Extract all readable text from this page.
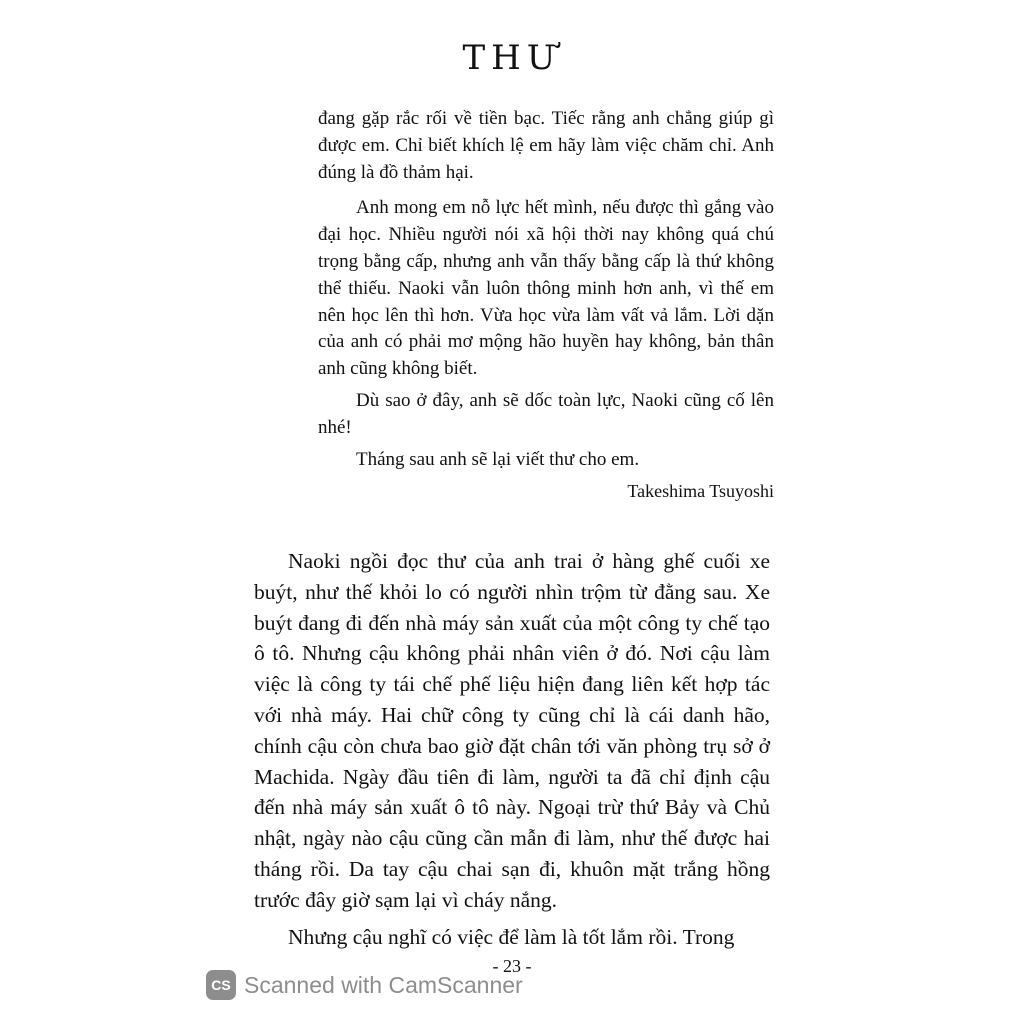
THƯ

đang gặp rắc rối về tiền bạc. Tiếc rằng anh chẳng giúp gì được em. Chỉ biết khích lệ em hãy làm việc chăm chỉ. Anh đúng là đồ thảm hại.

Anh mong em nỗ lực hết mình, nếu được thì gắng vào đại học. Nhiều người nói xã hội thời nay không quá chú trọng bằng cấp, nhưng anh vẫn thấy bằng cấp là thứ không thể thiếu. Naoki vẫn luôn thông minh hơn anh, vì thế em nên học lên thì hơn. Vừa học vừa làm vất vả lắm. Lời dặn của anh có phải mơ mộng hão huyền hay không, bản thân anh cũng không biết.

Dù sao ở đây, anh sẽ dốc toàn lực, Naoki cũng cố lên nhé!

Tháng sau anh sẽ lại viết thư cho em.

Takeshima Tsuyoshi

Naoki ngồi đọc thư của anh trai ở hàng ghế cuối xe buýt, như thế khỏi lo có người nhìn trộm từ đằng sau. Xe buýt đang đi đến nhà máy sản xuất của một công ty chế tạo ô tô. Nhưng cậu không phải nhân viên ở đó. Nơi cậu làm việc là công ty tái chế phế liệu hiện đang liên kết hợp tác với nhà máy. Hai chữ công ty cũng chỉ là cái danh hão, chính cậu còn chưa bao giờ đặt chân tới văn phòng trụ sở ở Machida. Ngày đầu tiên đi làm, người ta đã chỉ định cậu đến nhà máy sản xuất ô tô này. Ngoại trừ thứ Bảy và Chủ nhật, ngày nào cậu cũng cần mẫn đi làm, như thế được hai tháng rồi. Da tay cậu chai sạn đi, khuôn mặt trắng hồng trước đây giờ sạm lại vì cháy nắng.

Nhưng cậu nghĩ có việc để làm là tốt lắm rồi. Trong

- 23 -
CS Scanned with CamScanner
